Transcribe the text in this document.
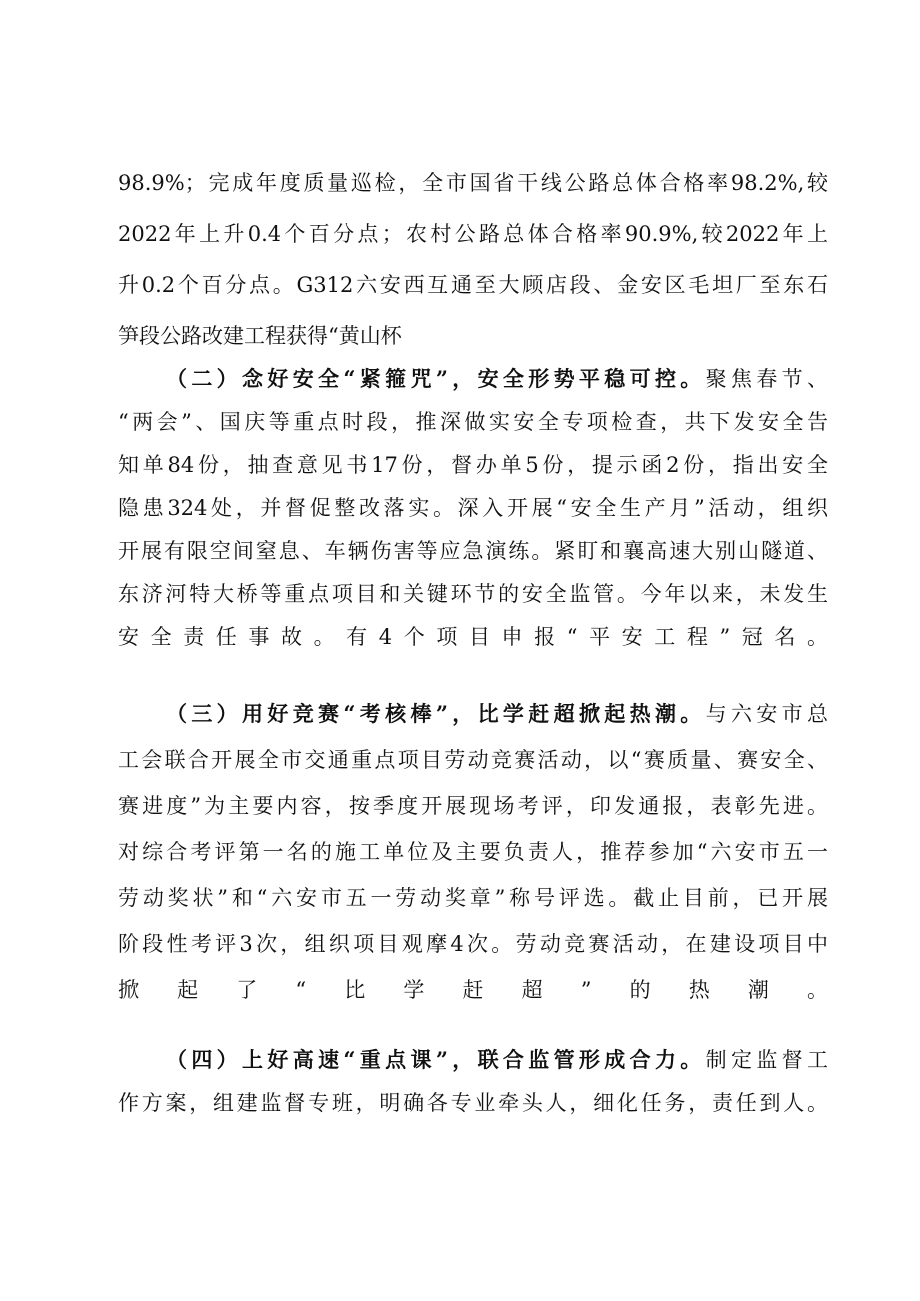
98.9%；完成年度质量巡检，全市国省干线公路总体合格率98.2%,较
2022年上升0.4个百分点；农村公路总体合格率90.9%,较2022年上
升0.2个百分点。G312六安西互通至大顾店段、金安区毛坦厂至东石
笋段公路改建工程获得“黄山杯
（二）念好安全“紧箍咒”，安全形势平稳可控。聚焦春节、
“两会”、国庆等重点时段，推深做实安全专项检查，共下发安全告
知单84份，抽查意见书17份，督办单5份，提示函2份，指出安全
隐患324处，并督促整改落实。深入开展“安全生产月”活动，组织
开展有限空间窒息、车辆伤害等应急演练。紧盯和襄高速大别山隧道、
东济河特大桥等重点项目和关键环节的安全监管。今年以来，未发生
安全责任事故。有4个项目申报“平安工程”冠名。
（三）用好竞赛“考核棒”，比学赶超掀起热潮。与六安市总
工会联合开展全市交通重点项目劳动竞赛活动，以“赛质量、赛安全、
赛进度”为主要内容，按季度开展现场考评，印发通报，表彰先进。
对综合考评第一名的施工单位及主要负责人，推荐参加“六安市五一
劳动奖状”和“六安市五一劳动奖章”称号评选。截止目前，已开展
阶段性考评3次，组织项目观摩4次。劳动竞赛活动，在建设项目中
掀起了“比学赶超”的热潮。
（四）上好高速“重点课”，联合监管形成合力。制定监督工
作方案，组建监督专班，明确各专业牵头人，细化任务，责任到人。
